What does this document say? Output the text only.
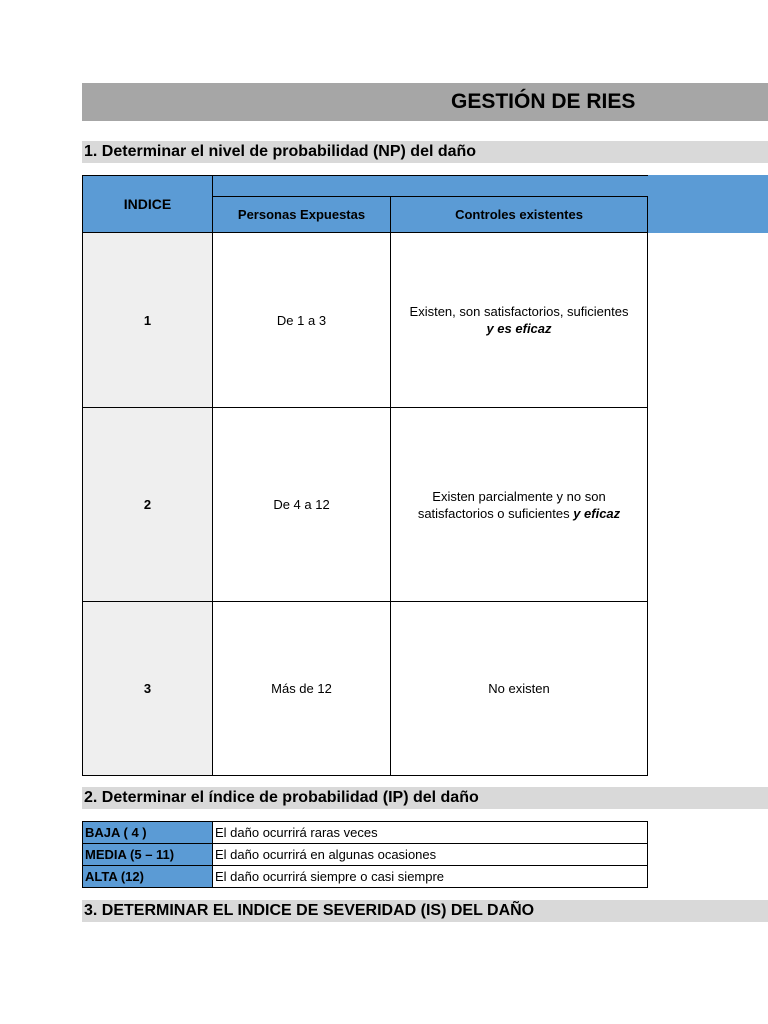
GESTIÓN DE RIES
1. Determinar el nivel de probabilidad (NP) del daño
INDICE		
	Personas Expuestas	Controles existentes
1	De 1 a 3	Existen, son satisfactorios, suficientes
y es eficaz
2	De 4 a 12	Existen parcialmente y no son satisfactorios o suficientes y eficaz
3	Más de 12	No existen
2. Determinar el índice de probabilidad (IP) del daño
BAJA ( 4 )	El daño ocurrirá raras veces
MEDIA (5 – 11)	El daño ocurrirá en algunas ocasiones
ALTA (12)	El daño ocurrirá siempre o casi siempre
3. DETERMINAR EL INDICE DE SEVERIDAD (IS) DEL DAÑO
